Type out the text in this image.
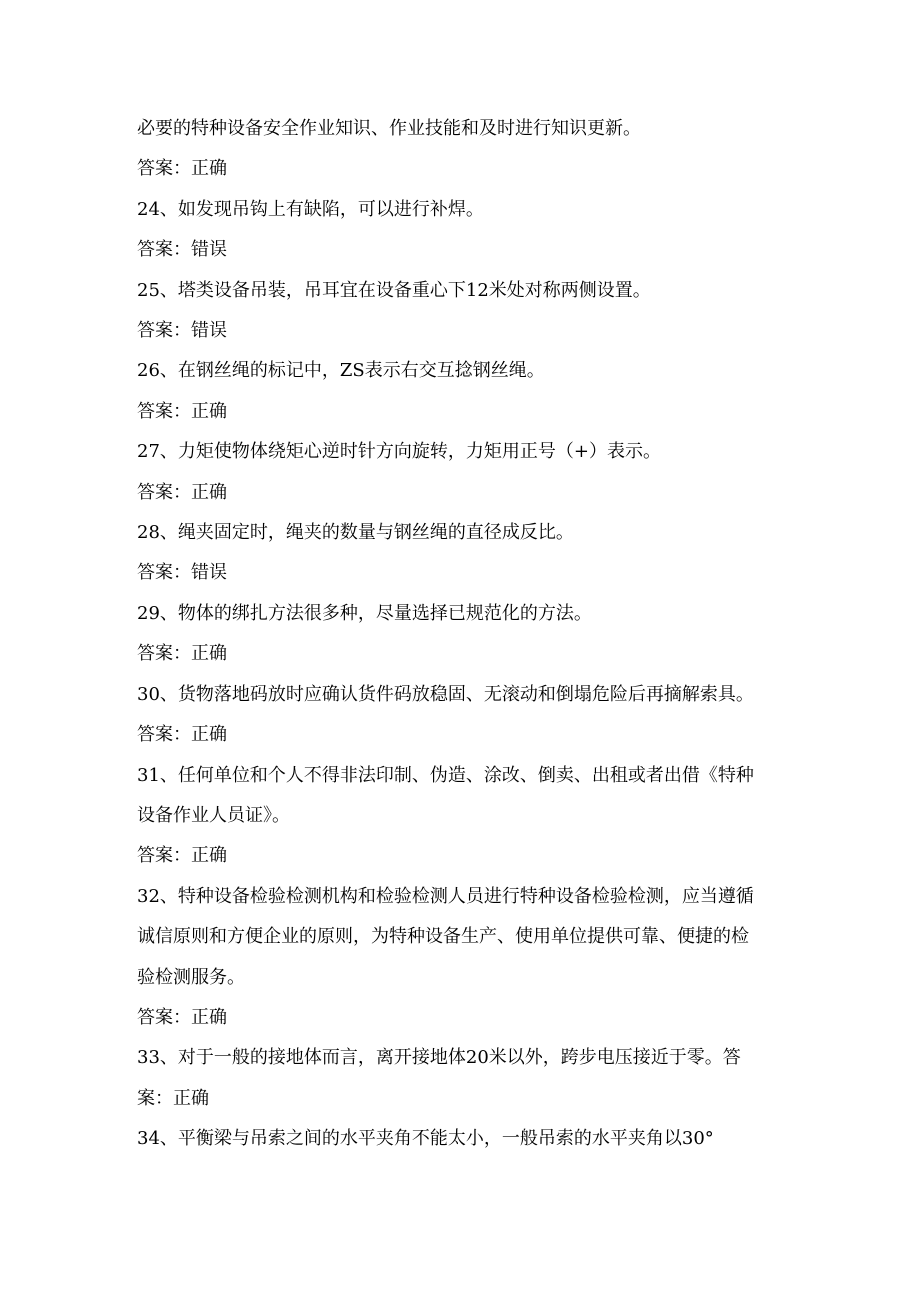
必要的特种设备安全作业知识、作业技能和及时进行知识更新。

答案：正确

24、如发现吊钩上有缺陷，可以进行补焊。

答案：错误

25、塔类设备吊装，吊耳宜在设备重心下12米处对称两侧设置。

答案：错误

26、在钢丝绳的标记中，ZS表示右交互捻钢丝绳。

答案：正确

27、力矩使物体绕矩心逆时针方向旋转，力矩用正号（+）表示。

答案：正确

28、绳夹固定时，绳夹的数量与钢丝绳的直径成反比。

答案：错误

29、物体的绑扎方法很多种，尽量选择已规范化的方法。

答案：正确

30、货物落地码放时应确认货件码放稳固、无滚动和倒塌危险后再摘解索具。

答案：正确

31、任何单位和个人不得非法印制、伪造、涂改、倒卖、出租或者出借《特种

设备作业人员证》。

答案：正确

32、特种设备检验检测机构和检验检测人员进行特种设备检验检测，应当遵循

诚信原则和方便企业的原则，为特种设备生产、使用单位提供可靠、便捷的检

验检测服务。

答案：正确

33、对于一般的接地体而言，离开接地体20米以外，跨步电压接近于零。答

案：正确

34、平衡梁与吊索之间的水平夹角不能太小，一般吊索的水平夹角以30°
